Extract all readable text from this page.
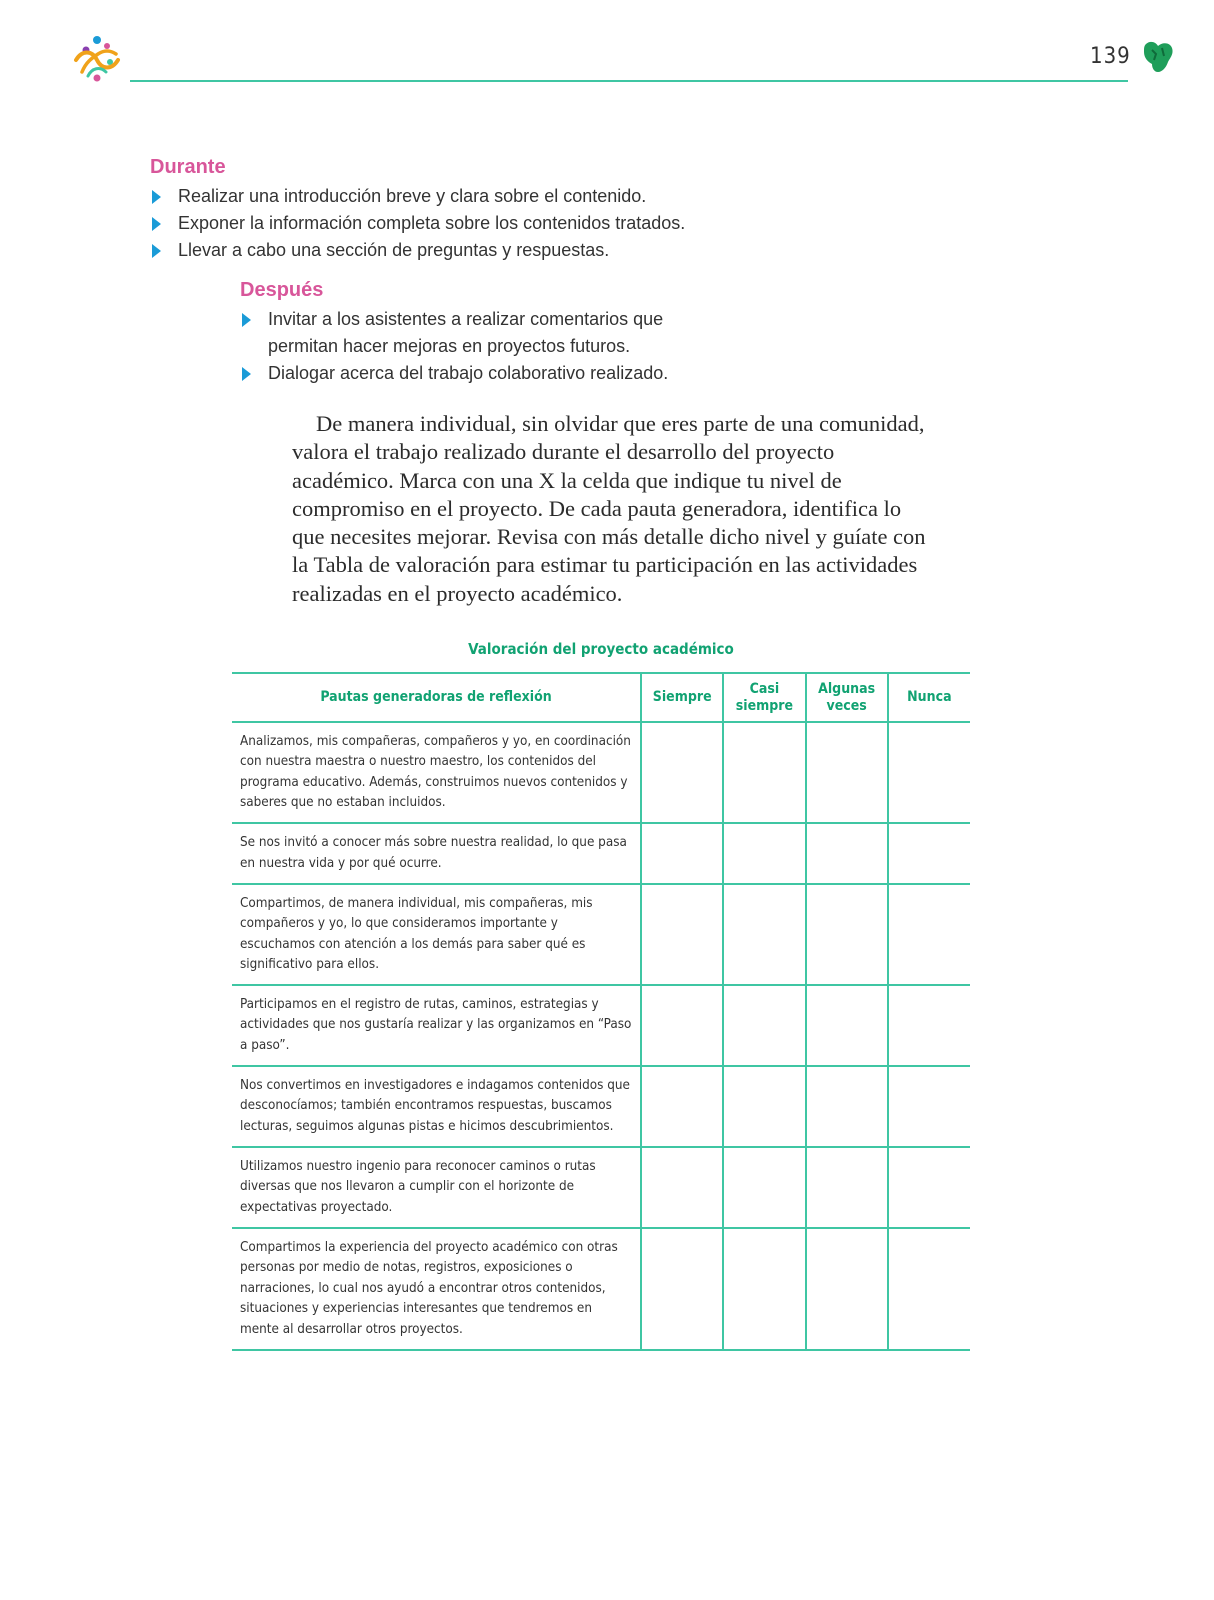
139
Durante
Realizar una introducción breve y clara sobre el contenido.
Exponer la información completa sobre los contenidos tratados.
Llevar a cabo una sección de preguntas y respuestas.
Después
Invitar a los asistentes a realizar comentarios que permitan hacer mejoras en proyectos futuros.
Dialogar acerca del trabajo colaborativo realizado.

De manera individual, sin olvidar que eres parte de una comunidad, valora el trabajo realizado durante el desarrollo del proyecto académico. Marca con una X la celda que indique tu nivel de compromiso en el proyecto. De cada pauta generadora, identifica lo que necesites mejorar. Revisa con más detalle dicho nivel y guíate con la Tabla de valoración para estimar tu participación en las actividades realizadas en el proyecto académico.

Valoración del proyecto académico
Pautas generadoras de reflexión	Siempre	Casi siempre	Algunas veces	Nunca
Analizamos, mis compañeras, compañeros y yo, en coordinación con nuestra maestra o nuestro maestro, los contenidos del programa educativo. Además, construimos nuevos contenidos y saberes que no estaban incluidos.				
Se nos invitó a conocer más sobre nuestra realidad, lo que pasa en nuestra vida y por qué ocurre.				
Compartimos, de manera individual, mis compañeras, mis compañeros y yo, lo que consideramos importante y escuchamos con atención a los demás para saber qué es significativo para ellos.				
Participamos en el registro de rutas, caminos, estrategias y actividades que nos gustaría realizar y las organizamos en “Paso a paso”.				
Nos convertimos en investigadores e indagamos contenidos que desconocíamos; también encontramos respuestas, buscamos lecturas, seguimos algunas pistas e hicimos descubrimientos.				
Utilizamos nuestro ingenio para reconocer caminos o rutas diversas que nos llevaron a cumplir con el horizonte de expectativas proyectado.				
Compartimos la experiencia del proyecto académico con otras personas por medio de notas, registros, exposiciones o narraciones, lo cual nos ayudó a encontrar otros contenidos, situaciones y experiencias interesantes que tendremos en mente al desarrollar otros proyectos.				
